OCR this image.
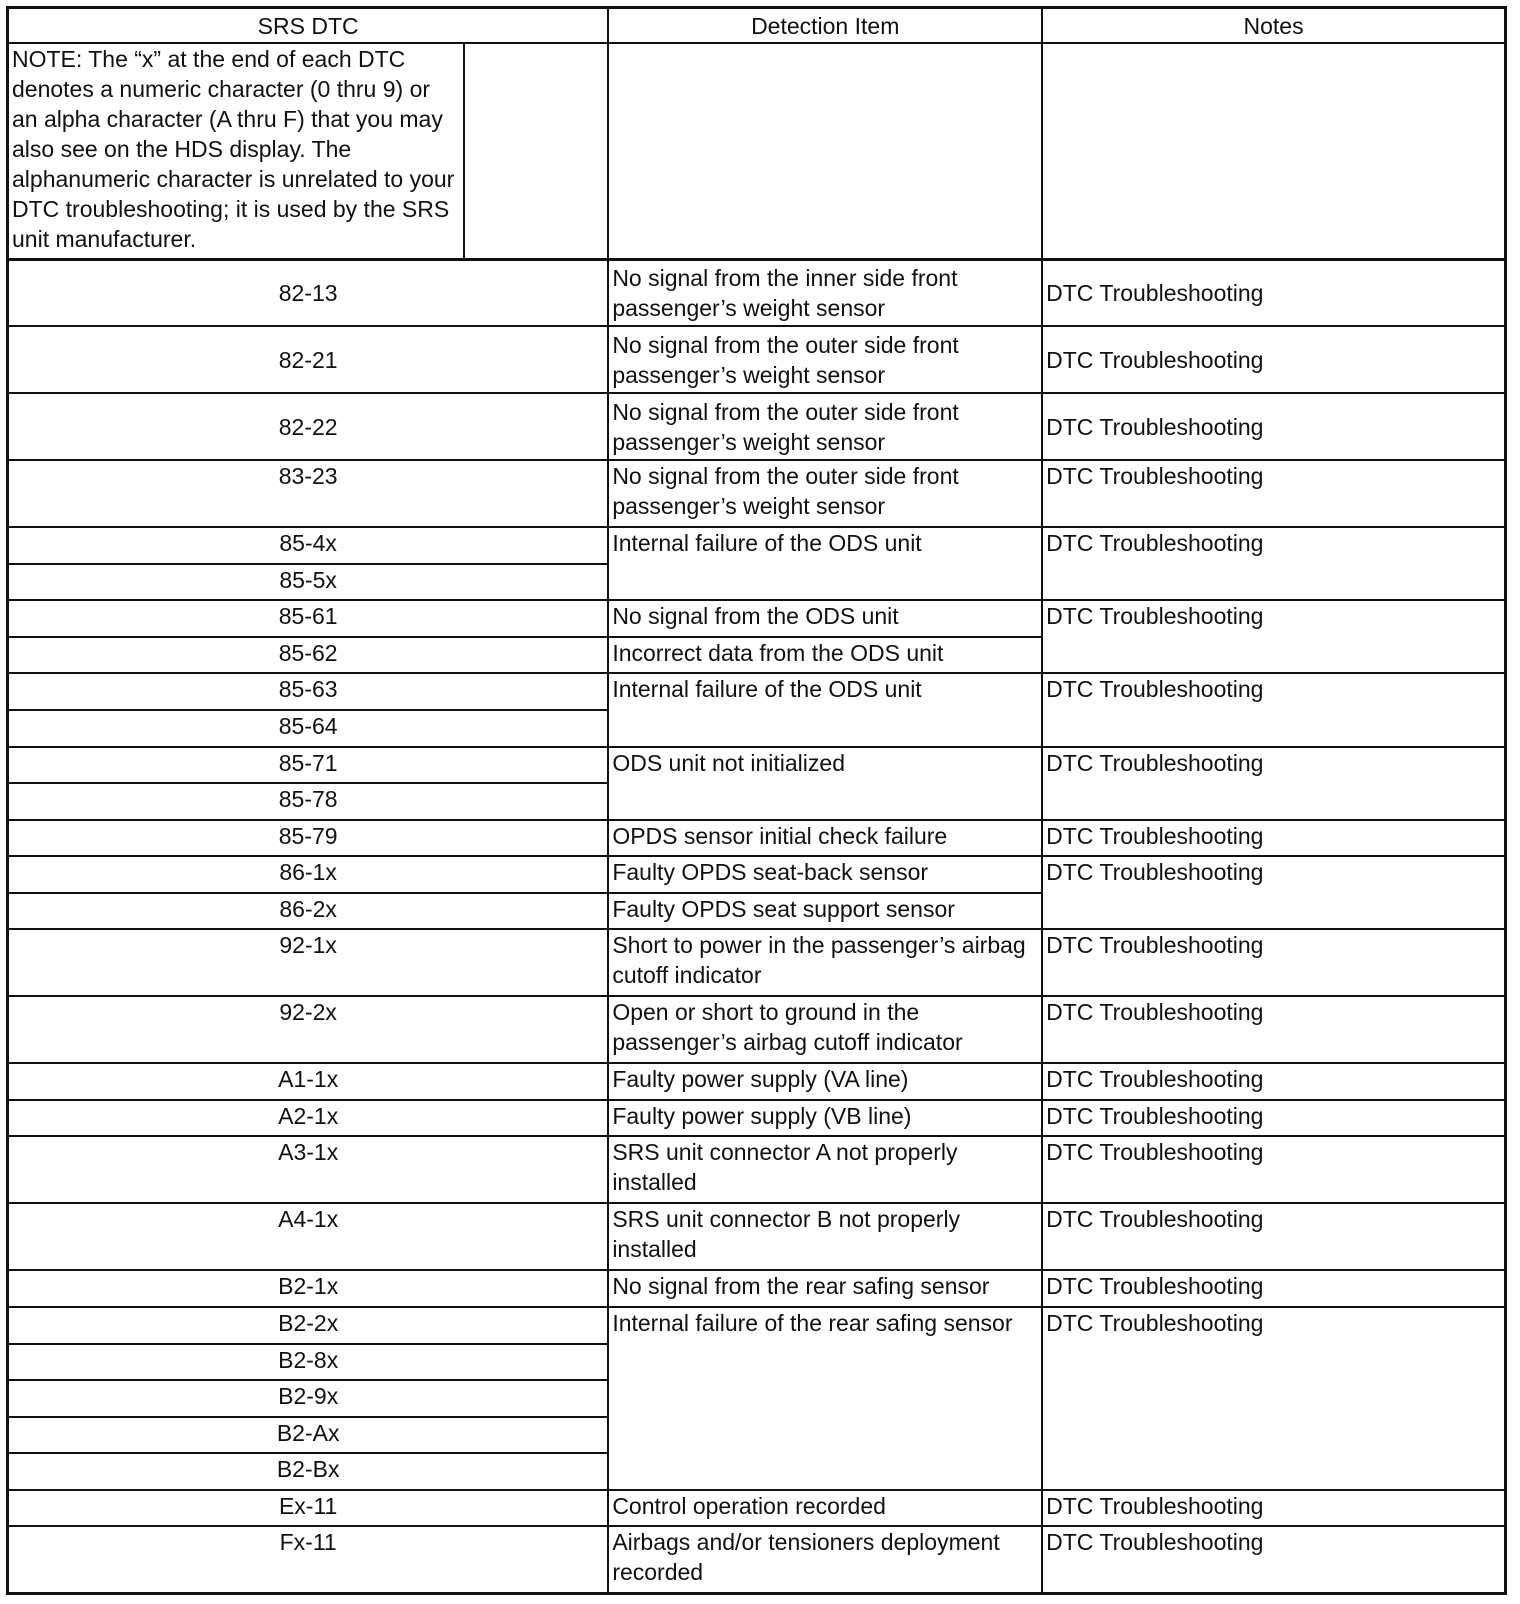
SRS DTC		Detection Item	Notes
NOTE: The “x” at the end of each DTC denotes a numeric character (0 thru 9) or an alpha character (A thru F) that you may also see on the HDS display. The alphanumeric character is unrelated to your DTC troubleshooting; it is used by the SRS unit manufacturer.			
82-13		No signal from the inner side front passenger’s weight sensor	DTC Troubleshooting
82-21		No signal from the outer side front passenger’s weight sensor	DTC Troubleshooting
82-22		No signal from the outer side front passenger’s weight sensor	DTC Troubleshooting
83-23		No signal from the outer side front passenger’s weight sensor	DTC Troubleshooting
85-4x		Internal failure of the ODS unit	DTC Troubleshooting
85-5x			
85-61		No signal from the ODS unit	DTC Troubleshooting
85-62		Incorrect data from the ODS unit	
85-63		Internal failure of the ODS unit	DTC Troubleshooting
85-64			
85-71		ODS unit not initialized	DTC Troubleshooting
85-78			
85-79		OPDS sensor initial check failure	DTC Troubleshooting
86-1x		Faulty OPDS seat-back sensor	DTC Troubleshooting
86-2x		Faulty OPDS seat support sensor	
92-1x		Short to power in the passenger’s airbag cutoff indicator	DTC Troubleshooting
92-2x		Open or short to ground in the passenger’s airbag cutoff indicator	DTC Troubleshooting
A1-1x		Faulty power supply (VA line)	DTC Troubleshooting
A2-1x		Faulty power supply (VB line)	DTC Troubleshooting
A3-1x		SRS unit connector A not properly installed	DTC Troubleshooting
A4-1x		SRS unit connector B not properly installed	DTC Troubleshooting
B2-1x		No signal from the rear safing sensor	DTC Troubleshooting
B2-2x		Internal failure of the rear safing sensor	DTC Troubleshooting
B2-8x			
B2-9x			
B2-Ax			
B2-Bx			
Ex-11		Control operation recorded	DTC Troubleshooting
Fx-11		Airbags and/or tensioners deployment recorded	DTC Troubleshooting
